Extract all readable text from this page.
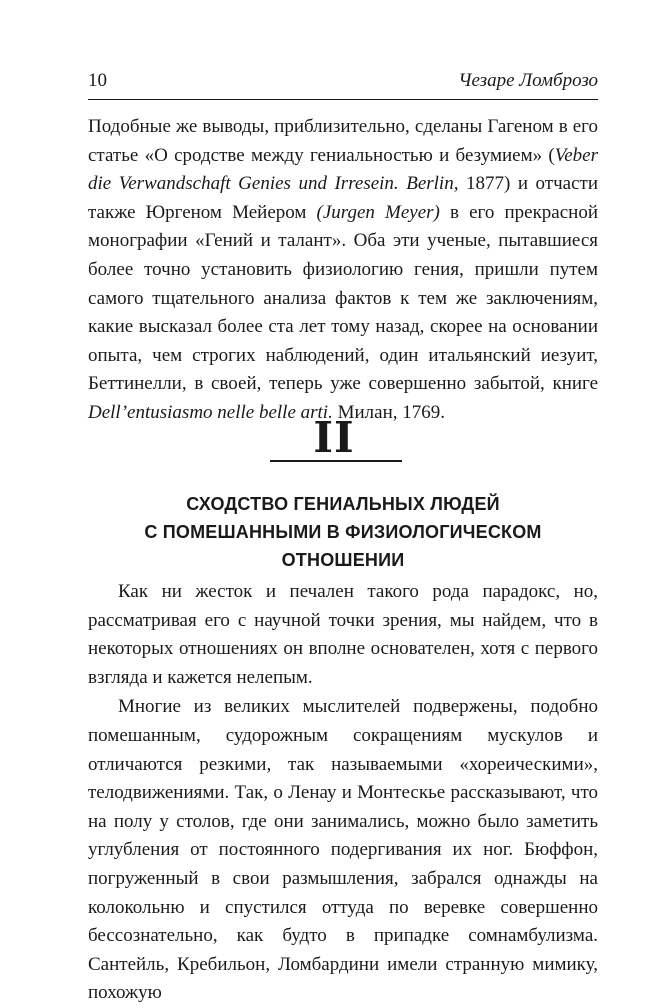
10	Чезаре Ломброзо

Подобные же выводы, приблизительно, сделаны Гагеном в его статье «О сродстве между гениальностью и безумием» (Veber die Verwandschaft Genies und Irresein. Berlin, 1877) и отчасти также Юргеном Мейером (Jurgen Meyer) в его прекрасной монографии «Гений и талант». Оба эти ученые, пытавшиеся более точно установить физиологию гения, пришли путем самого тщательного анализа фактов к тем же заключениям, какие высказал более ста лет тому назад, скорее на основании опыта, чем строгих наблюдений, один итальянский иезуит, Беттинелли, в своей, теперь уже совершенно забытой, книге Dell’entusiasmo nelle belle arti. Милан, 1769.

II
СХОДСТВО ГЕНИАЛЬНЫХ ЛЮДЕЙ
С ПОМЕШАННЫМИ В ФИЗИОЛОГИЧЕСКОМ
ОТНОШЕНИИ

Как ни жесток и печален такого рода парадокс, но, рассматривая его с научной точки зрения, мы найдем, что в некоторых отношениях он вполне основателен, хотя с первого взгляда и кажется нелепым.

Многие из великих мыслителей подвержены, подобно помешанным, судорожным сокращениям мускулов и отличаются резкими, так называемыми «хореическими», телодвижениями. Так, о Ленау и Монтескье рассказывают, что на полу у столов, где они занимались, можно было заметить углубления от постоянного подергивания их ног. Бюффон, погруженный в свои размышления, забрался однажды на колокольню и спустился оттуда по веревке совершенно бессознательно, как будто в припадке сомнамбулизма. Сантейль, Кребильон, Ломбардини имели странную мимику, похожую
